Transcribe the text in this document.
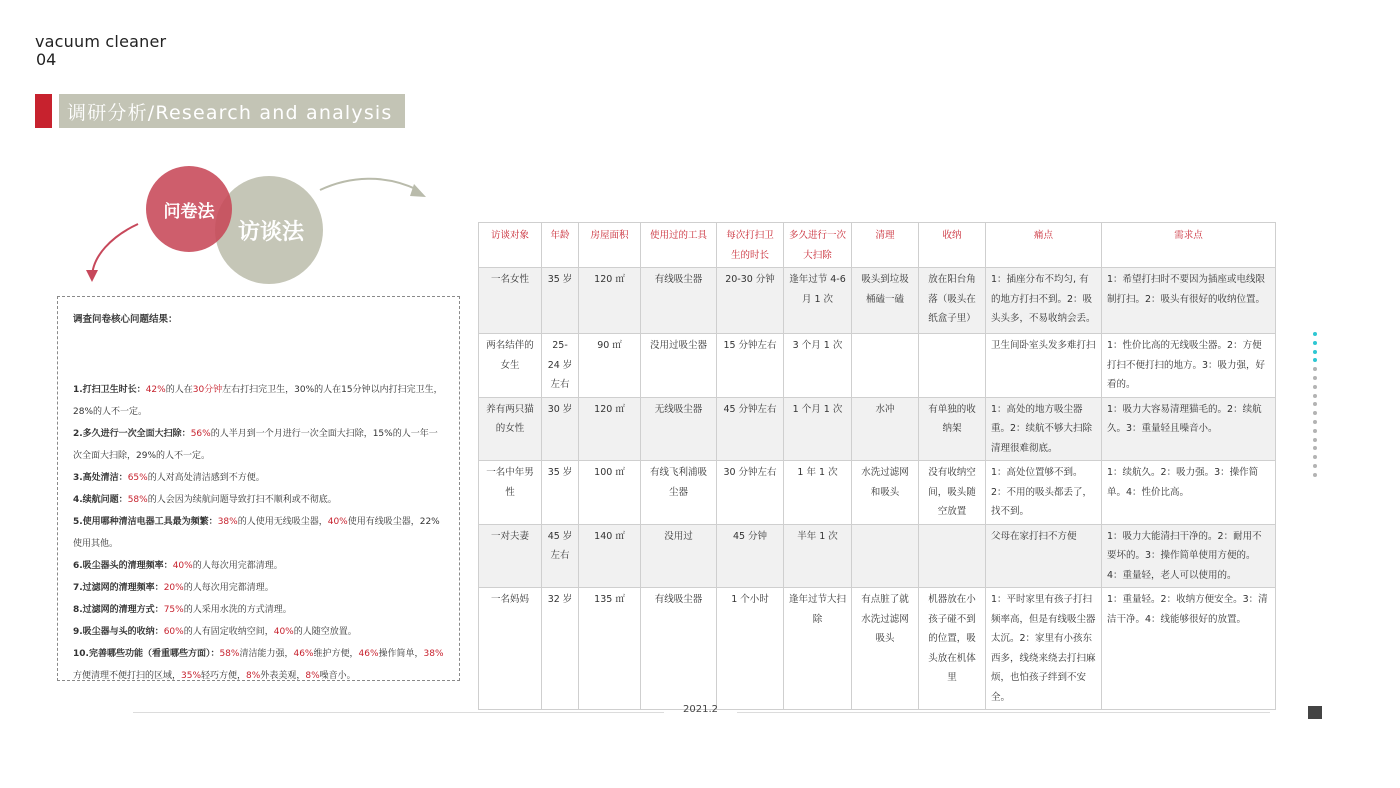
vacuum cleaner
04
调研分析/Research and analysis
访谈法
问卷法
调查问卷核心问题结果：

1.打扫卫生时长：42%的人在30分钟左右打扫完卫生，30%的人在15分钟以内打扫完卫生，28%的人不一定。

2.多久进行一次全面大扫除：56%的人半月到一个月进行一次全面大扫除，15%的人一年一次全面大扫除，29%的人不一定。

3.高处清洁：65%的人对高处清洁感到不方便。

4.续航问题：58%的人会因为续航问题导致打扫不顺利或不彻底。

5.使用哪种清洁电器工具最为频繁：38%的人使用无线吸尘器，40%使用有线吸尘器，22%使用其他。

6.吸尘器头的清理频率：40%的人每次用完都清理。

7.过滤网的清理频率：20%的人每次用完都清理。

8.过滤网的清理方式：75%的人采用水洗的方式清理。

9.吸尘器与头的收纳：60%的人有固定收纳空间，40%的人随空放置。

10.完善哪些功能（看重哪些方面）：58%清洁能力强，46%维护方便，46%操作简单，38%方便清理不便打扫的区域，35%轻巧方便，8%外表美观，8%噪音小。

访谈对象	年龄	房屋面积	使用过的工具	每次打扫卫生的时长	多久进行一次大扫除	清理	收纳	痛点	需求点
一名女性	35 岁	120 ㎡	有线吸尘器	20-30 分钟	逢年过节 4-6 月 1 次	吸头到垃圾桶磕一磕	放在阳台角落（吸头在纸盒子里）	1：插座分布不均匀, 有的地方打扫不到。2：吸头头多，不易收纳会丢。	1：希望打扫时不要因为插座或电线限制打扫。2：吸头有很好的收纳位置。
两名结伴的女生	25-24 岁左右	90 ㎡	没用过吸尘器	15 分钟左右	3 个月 1 次			卫生间卧室头发多难打扫	1：性价比高的无线吸尘器。2：方便打扫不便打扫的地方。3：吸力强，好看的。
养有两只猫的女性	30 岁	120 ㎡	无线吸尘器	45 分钟左右	1 个月 1 次	水冲	有单独的收纳架	1：高处的地方吸尘器重。2：续航不够大扫除清理很难彻底。	1：吸力大容易清理猫毛的。2：续航久。3：重量轻且噪音小。
一名中年男性	35 岁	100 ㎡	有线飞利浦吸尘器	30 分钟左右	1 年 1 次	水洗过滤网和吸头	没有收纳空间，吸头随空放置	1：高处位置够不到。2：不用的吸头都丢了，找不到。	1：续航久。2：吸力强。3：操作简单。4：性价比高。
一对夫妻	45 岁左右	140 ㎡	没用过	45 分钟	半年 1 次			父母在家打扫不方便	1：吸力大能清扫干净的。2：耐用不要坏的。3：操作简单使用方便的。4：重量轻，老人可以使用的。
一名妈妈	32 岁	135 ㎡	有线吸尘器	1 个小时	逢年过节大扫除	有点脏了就水洗过滤网吸头	机器放在小孩子碰不到的位置，吸头放在机体里	1：平时家里有孩子打扫频率高，但是有线吸尘器太沉。2：家里有小孩东西多，线绕来绕去打扫麻烦，也怕孩子绊到不安全。	1：重量轻。2：收纳方便安全。3：清洁干净。4：线能够很好的放置。
2021.2
